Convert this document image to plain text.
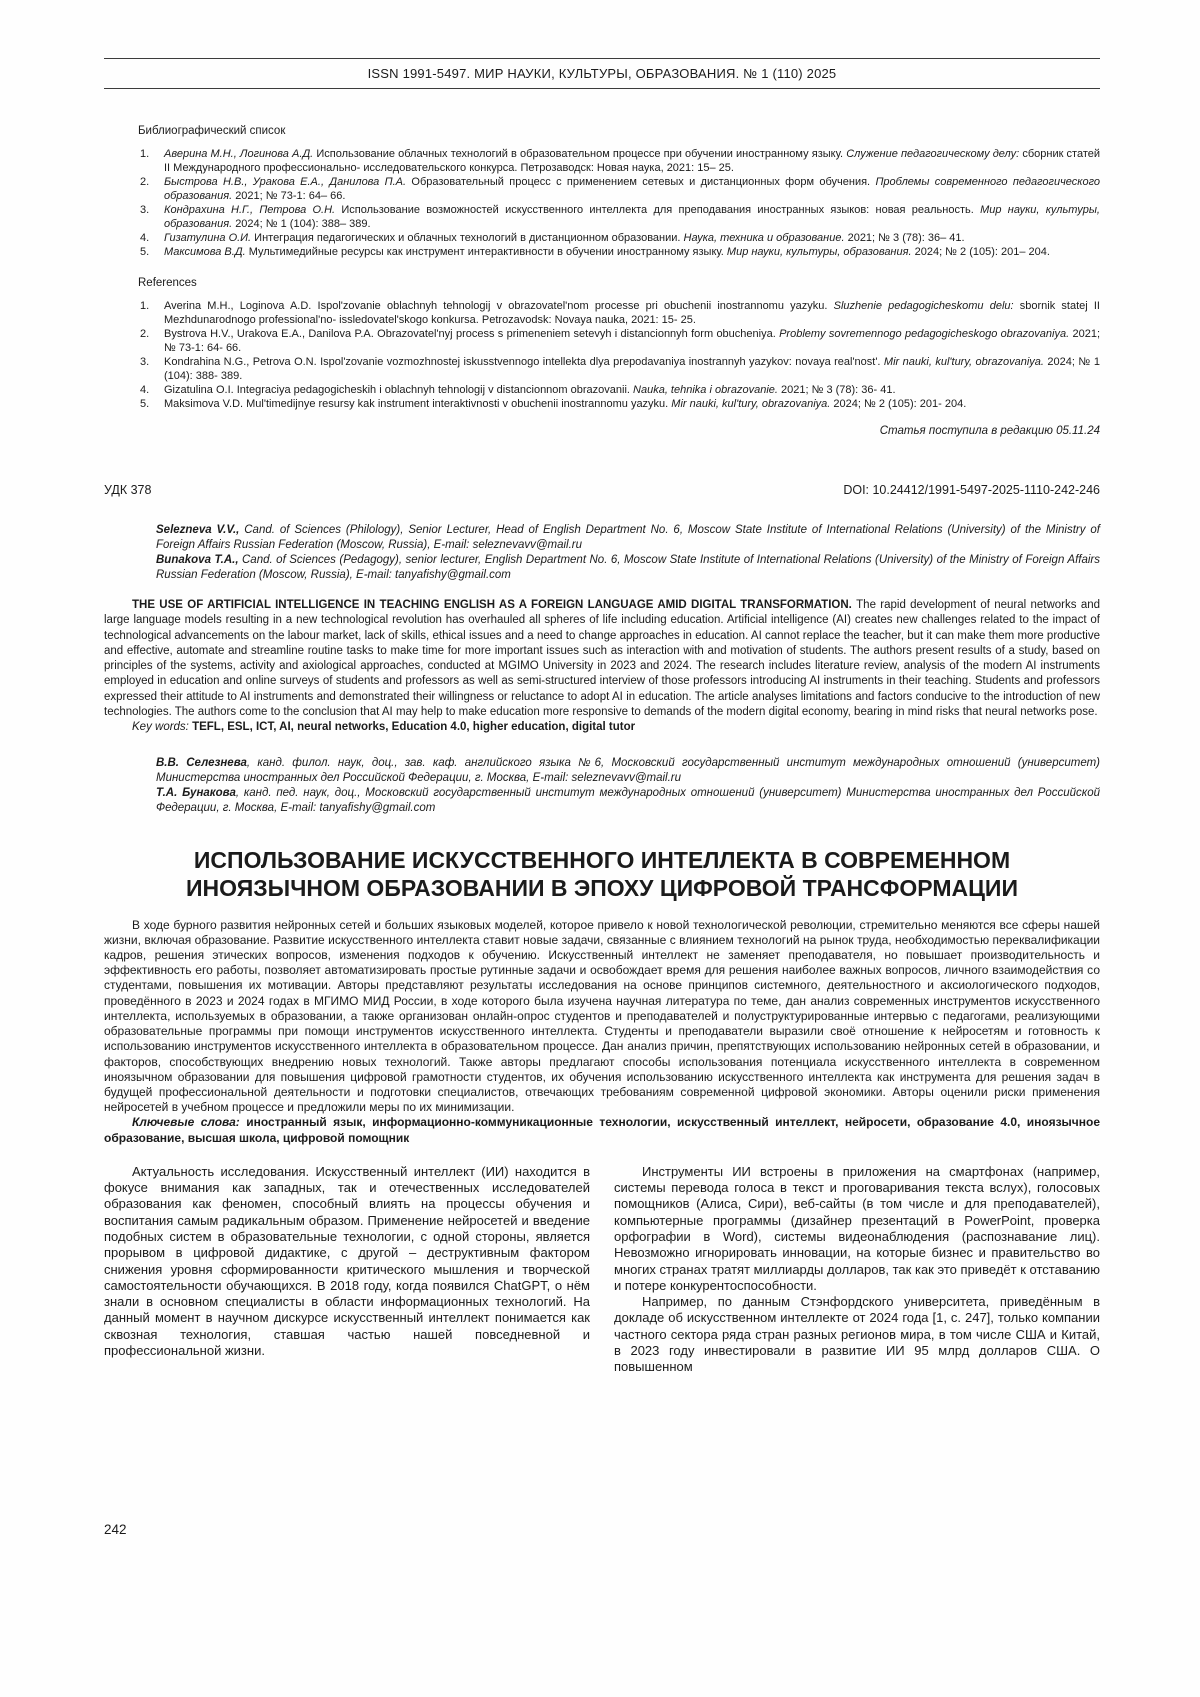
ISSN 1991-5497. МИР НАУКИ, КУЛЬТУРЫ, ОБРАЗОВАНИЯ. № 1 (110) 2025
Библиографический список
Аверина М.Н., Логинова А.Д. Использование облачных технологий в образовательном процессе при обучении иностранному языку. Служение педагогическому делу: сборник статей II Международного профессионально- исследовательского конкурса. Петрозаводск: Новая наука, 2021: 15– 25.
Быстрова Н.В., Уракова Е.А., Данилова П.А. Образовательный процесс с применением сетевых и дистанционных форм обучения. Проблемы современного педагогического образования. 2021; № 73-1: 64– 66.
Кондрахина Н.Г., Петрова О.Н. Использование возможностей искусственного интеллекта для преподавания иностранных языков: новая реальность. Мир науки, культуры, образования. 2024; № 1 (104): 388– 389.
Гизатулина О.И. Интеграция педагогических и облачных технологий в дистанционном образовании. Наука, техника и образование. 2021; № 3 (78): 36– 41.
Максимова В.Д. Мультимедийные ресурсы как инструмент интерактивности в обучении иностранному языку. Мир науки, культуры, образования. 2024; № 2 (105): 201– 204.
References
Averina M.H., Loginova A.D. Ispol'zovanie oblachnyh tehnologij v obrazovatel'nom processe pri obuchenii inostrannomu yazyku. Sluzhenie pedagogicheskomu delu: sbornik statej II Mezhdunarodnogo professional'no- issledovatel'skogo konkursa. Petrozavodsk: Novaya nauka, 2021: 15- 25.
Bystrova H.V., Urakova E.A., Danilova P.A. Obrazovatel'nyj process s primeneniem setevyh i distancionnyh form obucheniya. Problemy sovremennogo pedagogicheskogo obrazovaniya. 2021; № 73-1: 64- 66.
Kondrahina N.G., Petrova O.N. Ispol'zovanie vozmozhnostej iskusstvennogo intellekta dlya prepodavaniya inostrannyh yazykov: novaya real'nost'. Mir nauki, kul'tury, obrazovaniya. 2024; № 1 (104): 388- 389.
Gizatulina O.I. Integraciya pedagogicheskih i oblachnyh tehnologij v distancionnom obrazovanii. Nauka, tehnika i obrazovanie. 2021; № 3 (78): 36- 41.
Maksimova V.D. Mul'timedijnye resursy kak instrument interaktivnosti v obuchenii inostrannomu yazyku. Mir nauki, kul'tury, obrazovaniya. 2024; № 2 (105): 201- 204.

Статья поступила в редакцию 05.11.24

УДК 378	DOI: 10.24412/1991-5497-2025-1110-242-246

Selezneva V.V., Cand. of Sciences (Philology), Senior Lecturer, Head of English Department No. 6, Moscow State Institute of International Relations (University) of the Ministry of Foreign Affairs Russian Federation (Moscow, Russia), E-mail: seleznevavv@mail.ru

Bunakova T.A., Cand. of Sciences (Pedagogy), senior lecturer, English Department No. 6, Moscow State Institute of International Relations (University) of the Ministry of Foreign Affairs Russian Federation (Moscow, Russia), E-mail: tanyafishy@gmail.com

THE USE OF ARTIFICIAL INTELLIGENCE IN TEACHING ENGLISH AS A FOREIGN LANGUAGE AMID DIGITAL TRANSFORMATION. The rapid development of neural networks and large language models resulting in a new technological revolution has overhauled all spheres of life including education. Artificial intelligence (AI) creates new challenges related to the impact of technological advancements on the labour market, lack of skills, ethical issues and a need to change approaches in education. AI cannot replace the teacher, but it can make them more productive and effective, automate and streamline routine tasks to make time for more important issues such as interaction with and motivation of students. The authors present results of a study, based on principles of the systems, activity and axiological approaches, conducted at MGIMO University in 2023 and 2024. The research includes literature review, analysis of the modern AI instruments employed in education and online surveys of students and professors as well as semi-structured interview of those professors introducing AI instruments in their teaching. Students and professors expressed their attitude to AI instruments and demonstrated their willingness or reluctance to adopt AI in education. The article analyses limitations and factors conducive to the introduction of new technologies. The authors come to the conclusion that AI may help to make education more responsive to demands of the modern digital economy, bearing in mind risks that neural networks pose.

Key words: TEFL, ESL, ICT, AI, neural networks, Education 4.0, higher education, digital tutor

В.В. Селезнева, канд. филол. наук, доц., зав. каф. английского языка №6, Московский государственный институт международных отношений (университет) Министерства иностранных дел Российской Федерации, г. Москва, E-mail: seleznevavv@mail.ru

Т.А. Бунакова, канд. пед. наук, доц., Московский государственный институт международных отношений (университет) Министерства иностранных дел Российской Федерации, г. Москва, E-mail: tanyafishy@gmail.com

ИСПОЛЬЗОВАНИЕ ИСКУССТВЕННОГО ИНТЕЛЛЕКТА В СОВРЕМЕННОМ
ИНОЯЗЫЧНОМ ОБРАЗОВАНИИ В ЭПОХУ ЦИФРОВОЙ ТРАНСФОРМАЦИИ

В ходе бурного развития нейронных сетей и больших языковых моделей, которое привело к новой технологической революции, стремительно меняются все сферы нашей жизни, включая образование. Развитие искусственного интеллекта ставит новые задачи, связанные с влиянием технологий на рынок труда, необходимостью переквалификации кадров, решения этических вопросов, изменения подходов к обучению. Искусственный интеллект не заменяет преподавателя, но повышает производительность и эффективность его работы, позволяет автоматизировать простые рутинные задачи и освобождает время для решения наиболее важных вопросов, личного взаимодействия со студентами, повышения их мотивации. Авторы представляют результаты исследования на основе принципов системного, деятельностного и аксиологического подходов, проведённого в 2023 и 2024 годах в МГИМО МИД России, в ходе которого была изучена научная литература по теме, дан анализ современных инструментов искусственного интеллекта, используемых в образовании, а также организован онлайн-опрос студентов и преподавателей и полуструктурированные интервью с педагогами, реализующими образовательные программы при помощи инструментов искусственного интеллекта. Студенты и преподаватели выразили своё отношение к нейросетям и готовность к использованию инструментов искусственного интеллекта в образовательном процессе. Дан анализ причин, препятствующих использованию нейронных сетей в образовании, и факторов, способствующих внедрению новых технологий. Также авторы предлагают способы использования потенциала искусственного интеллекта в современном иноязычном образовании для повышения цифровой грамотности студентов, их обучения использованию искусственного интеллекта как инструмента для решения задач в будущей профессиональной деятельности и подготовки специалистов, отвечающих требованиям современной цифровой экономики. Авторы оценили риски применения нейросетей в учебном процессе и предложили меры по их минимизации.

Ключевые слова: иностранный язык, информационно-коммуникационные технологии, искусственный интеллект, нейросети, образование 4.0, иноязычное образование, высшая школа, цифровой помощник

Актуальность исследования. Искусственный интеллект (ИИ) находится в фокусе внимания как западных, так и отечественных исследователей образования как феномен, способный влиять на процессы обучения и воспитания самым радикальным образом. Применение нейросетей и введение подобных систем в образовательные технологии, с одной стороны, является прорывом в цифровой дидактике, с другой – деструктивным фактором снижения уровня сформированности критического мышления и творческой самостоятельности обучающихся. В 2018 году, когда появился ChatGPT, о нём знали в основном специалисты в области информационных технологий. На данный момент в научном дискурсе искусственный интеллект понимается как сквозная технология, ставшая частью нашей повседневной и профессиональной жизни.

Инструменты ИИ встроены в приложения на смартфонах (например, системы перевода голоса в текст и проговаривания текста вслух), голосовых помощников (Алиса, Сири), веб-сайты (в том числе и для преподавателей), компьютерные программы (дизайнер презентаций в PowerPoint, проверка орфографии в Word), системы видеонаблюдения (распознавание лиц). Невозможно игнорировать инновации, на которые бизнес и правительство во многих странах тратят миллиарды долларов, так как это приведёт к отставанию и потере конкурентоспособности.

Например, по данным Стэнфордского университета, приведённым в докладе об искусственном интеллекте от 2024 года [1, с. 247], только компании частного сектора ряда стран разных регионов мира, в том числе США и Китай, в 2023 году инвестировали в развитие ИИ 95 млрд долларов США. О повышенном

242
